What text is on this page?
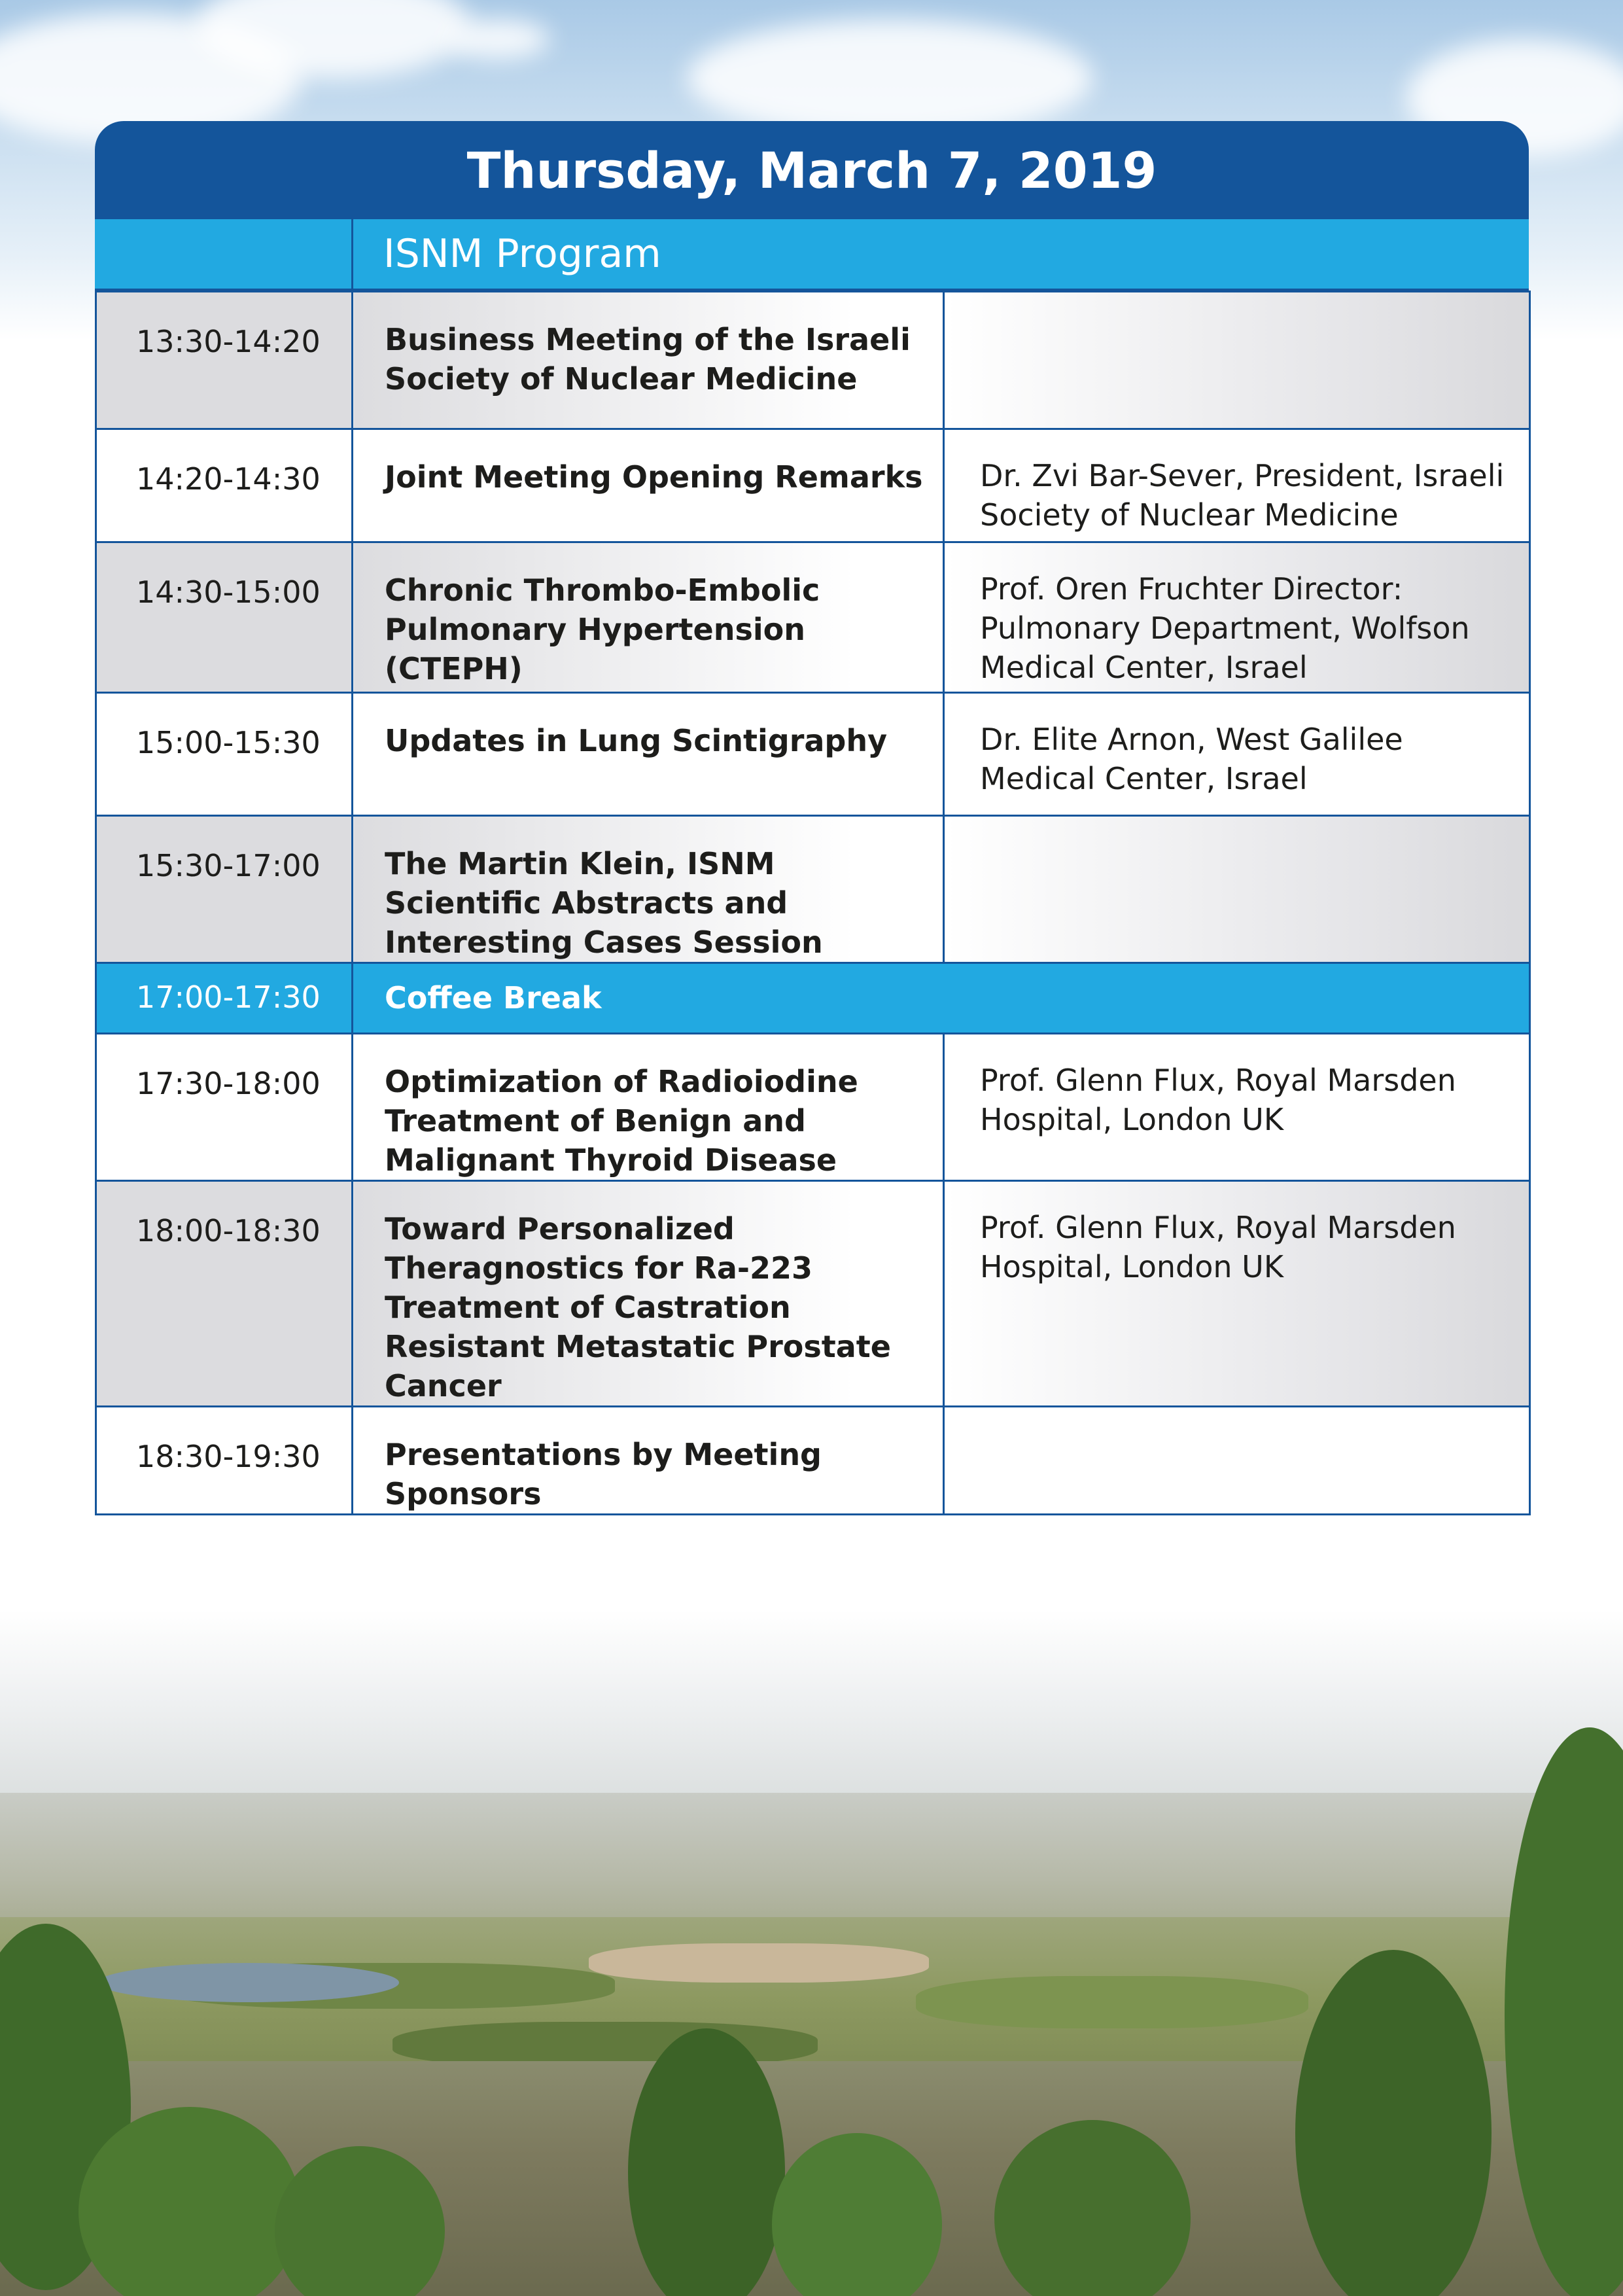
Thursday, March 7, 2019
ISNM Program
13:30-14:20	Business Meeting of the Israeli Society of Nuclear Medicine	
14:20-14:30	Joint Meeting Opening Remarks	Dr. Zvi Bar-Sever, President, Israeli Society of Nuclear Medicine
14:30-15:00	Chronic Thrombo-Embolic Pulmonary Hypertension (CTEPH)	Prof. Oren Fruchter Director: Pulmonary Department, Wolfson Medical Center, Israel
15:00-15:30	Updates in Lung Scintigraphy	Dr. Elite Arnon, West Galilee Medical Center, Israel
15:30-17:00	The Martin Klein, ISNM Scientific Abstracts and Interesting Cases Session	
17:00-17:30	Coffee Break	
17:30-18:00	Optimization of Radioiodine Treatment of Benign and Malignant Thyroid Disease	Prof. Glenn Flux, Royal Marsden Hospital, London UK
18:00-18:30	Toward Personalized Theragnostics for Ra-223 Treatment of Castration Resistant Metastatic Prostate Cancer	Prof. Glenn Flux, Royal Marsden Hospital, London UK
18:30-19:30	Presentations by Meeting Sponsors	
